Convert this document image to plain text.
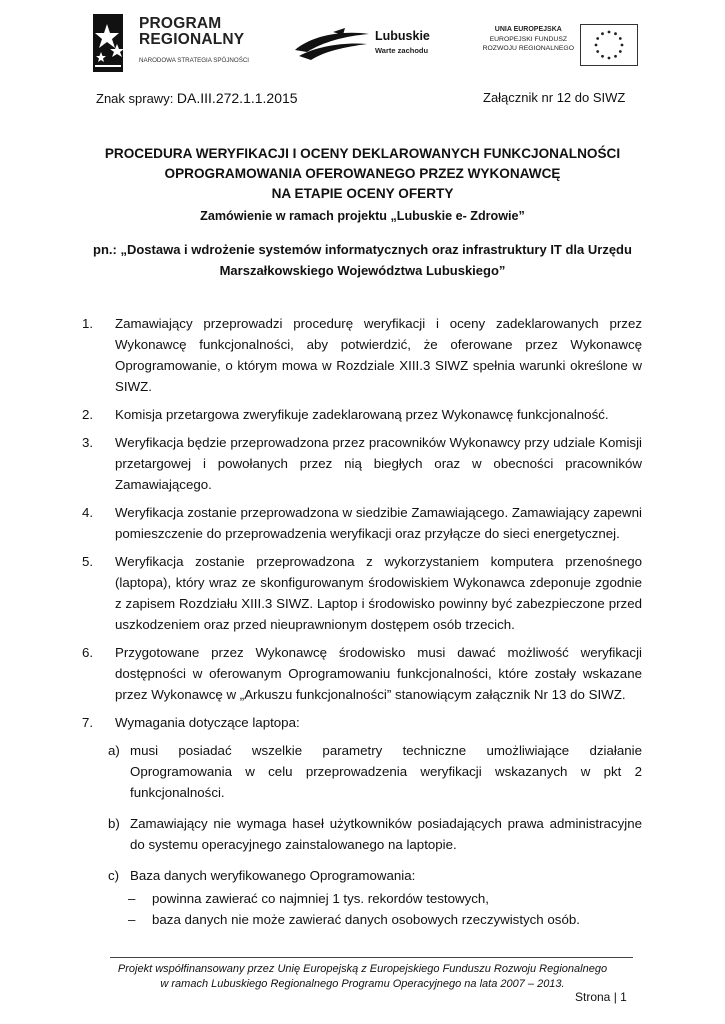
PROGRAM
REGIONALNY
NARODOWA STRATEGIA SPÓJNOŚCI
Lubuskie
Warte zachodu
UNIA EUROPEJSKA
EUROPEJSKI FUNDUSZ
ROZWOJU REGIONALNEGO
Znak sprawy: DA.III.272.1.1.2015	Załącznik nr 12 do SIWZ
PROCEDURA WERYFIKACJI I OCENY DEKLAROWANYCH FUNKCJONALNOŚCI
OPROGRAMOWANIA OFEROWANEGO PRZEZ WYKONAWCĘ
NA ETAPIE OCENY OFERTY
Zamówienie w ramach projektu „Lubuskie e- Zdrowie”
pn.: „Dostawa i wdrożenie systemów informatycznych oraz infrastruktury IT dla Urzędu
Marszałkowskiego Województwa Lubuskiego”
1. Zamawiający przeprowadzi procedurę weryfikacji i oceny zadeklarowanych przez Wykonawcę funkcjonalności, aby potwierdzić, że oferowane przez Wykonawcę Oprogramowanie, o którym mowa w Rozdziale XIII.3 SIWZ spełnia warunki określone w SIWZ.
2. Komisja przetargowa zweryfikuje zadeklarowaną przez Wykonawcę funkcjonalność.
3. Weryfikacja będzie przeprowadzona przez pracowników Wykonawcy przy udziale Komisji przetargowej i powołanych przez nią biegłych oraz w obecności pracowników Zamawiającego.
4. Weryfikacja zostanie przeprowadzona w siedzibie Zamawiającego. Zamawiający zapewni pomieszczenie do przeprowadzenia weryfikacji oraz przyłącze do sieci energetycznej.
5. Weryfikacja zostanie przeprowadzona z wykorzystaniem komputera przenośnego (laptopa), który wraz ze skonfigurowanym środowiskiem Wykonawca zdeponuje zgodnie z zapisem Rozdziału XIII.3 SIWZ. Laptop i środowisko powinny być zabezpieczone przed uszkodzeniem oraz przed nieuprawnionym dostępem osób trzecich.
6. Przygotowane przez Wykonawcę środowisko musi dawać możliwość weryfikacji dostępności w oferowanym Oprogramowaniu funkcjonalności, które zostały wskazane przez Wykonawcę w „Arkuszu funkcjonalności” stanowiącym załącznik Nr 13 do SIWZ.
7. Wymagania dotyczące laptopa:
a) musi posiadać wszelkie parametry techniczne umożliwiające działanie Oprogramowania w celu przeprowadzenia weryfikacji wskazanych w pkt 2 funkcjonalności.
b) Zamawiający nie wymaga haseł użytkowników posiadających prawa administracyjne do systemu operacyjnego zainstalowanego na laptopie.
c) Baza danych weryfikowanego Oprogramowania:
– powinna zawierać co najmniej 1 tys. rekordów testowych,
– baza danych nie może zawierać danych osobowych rzeczywistych osób.
Projekt współfinansowany przez Unię Europejską z Europejskiego Funduszu Rozwoju Regionalnego
w ramach Lubuskiego Regionalnego Programu Operacyjnego na lata 2007 – 2013.
Strona | 1
